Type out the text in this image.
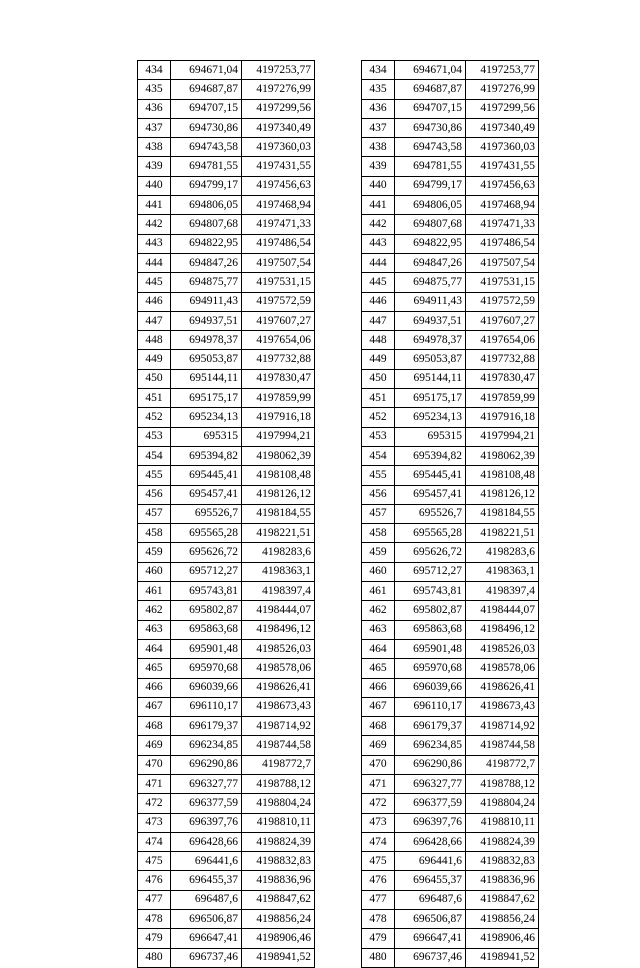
434	694671,04	4197253,77
435	694687,87	4197276,99
436	694707,15	4197299,56
437	694730,86	4197340,49
438	694743,58	4197360,03
439	694781,55	4197431,55
440	694799,17	4197456,63
441	694806,05	4197468,94
442	694807,68	4197471,33
443	694822,95	4197486,54
444	694847,26	4197507,54
445	694875,77	4197531,15
446	694911,43	4197572,59
447	694937,51	4197607,27
448	694978,37	4197654,06
449	695053,87	4197732,88
450	695144,11	4197830,47
451	695175,17	4197859,99
452	695234,13	4197916,18
453	695315	4197994,21
454	695394,82	4198062,39
455	695445,41	4198108,48
456	695457,41	4198126,12
457	695526,7	4198184,55
458	695565,28	4198221,51
459	695626,72	4198283,6
460	695712,27	4198363,1
461	695743,81	4198397,4
462	695802,87	4198444,07
463	695863,68	4198496,12
464	695901,48	4198526,03
465	695970,68	4198578,06
466	696039,66	4198626,41
467	696110,17	4198673,43
468	696179,37	4198714,92
469	696234,85	4198744,58
470	696290,86	4198772,7
471	696327,77	4198788,12
472	696377,59	4198804,24
473	696397,76	4198810,11
474	696428,66	4198824,39
475	696441,6	4198832,83
476	696455,37	4198836,96
477	696487,6	4198847,62
478	696506,87	4198856,24
479	696647,41	4198906,46
480	696737,46	4198941,52
434	694671,04	4197253,77
435	694687,87	4197276,99
436	694707,15	4197299,56
437	694730,86	4197340,49
438	694743,58	4197360,03
439	694781,55	4197431,55
440	694799,17	4197456,63
441	694806,05	4197468,94
442	694807,68	4197471,33
443	694822,95	4197486,54
444	694847,26	4197507,54
445	694875,77	4197531,15
446	694911,43	4197572,59
447	694937,51	4197607,27
448	694978,37	4197654,06
449	695053,87	4197732,88
450	695144,11	4197830,47
451	695175,17	4197859,99
452	695234,13	4197916,18
453	695315	4197994,21
454	695394,82	4198062,39
455	695445,41	4198108,48
456	695457,41	4198126,12
457	695526,7	4198184,55
458	695565,28	4198221,51
459	695626,72	4198283,6
460	695712,27	4198363,1
461	695743,81	4198397,4
462	695802,87	4198444,07
463	695863,68	4198496,12
464	695901,48	4198526,03
465	695970,68	4198578,06
466	696039,66	4198626,41
467	696110,17	4198673,43
468	696179,37	4198714,92
469	696234,85	4198744,58
470	696290,86	4198772,7
471	696327,77	4198788,12
472	696377,59	4198804,24
473	696397,76	4198810,11
474	696428,66	4198824,39
475	696441,6	4198832,83
476	696455,37	4198836,96
477	696487,6	4198847,62
478	696506,87	4198856,24
479	696647,41	4198906,46
480	696737,46	4198941,52
